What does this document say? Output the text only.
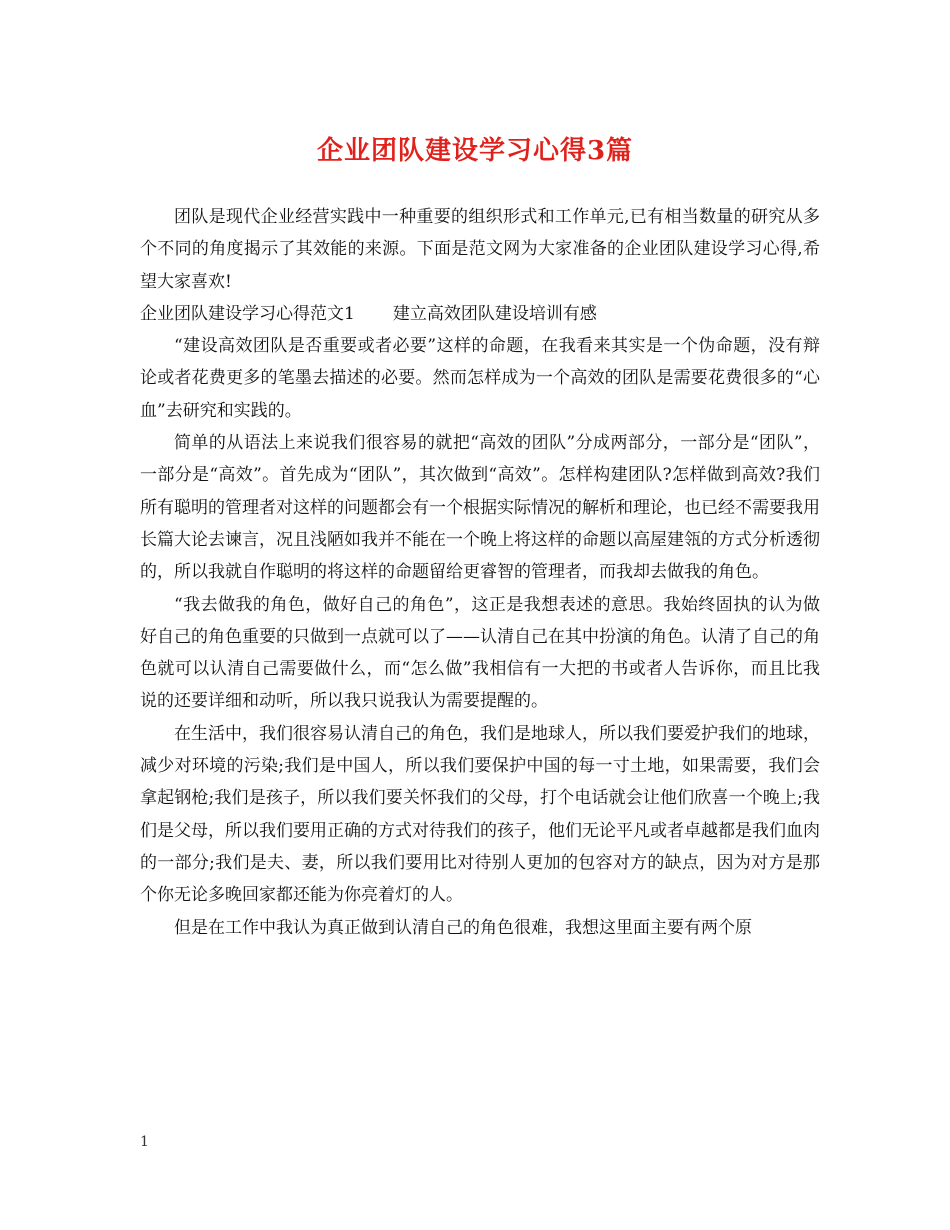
企业团队建设学习心得3篇

团队是现代企业经营实践中一种重要的组织形式和工作单元,已有相当数量的研究从多个不同的角度揭示了其效能的来源。下面是范文网为大家准备的企业团队建设学习心得,希望大家喜欢!

企业团队建设学习心得范文1 建立高效团队建设培训有感

“建设高效团队是否重要或者必要”这样的命题，在我看来其实是一个伪命题，没有辩论或者花费更多的笔墨去描述的必要。然而怎样成为一个高效的团队是需要花费很多的“心血”去研究和实践的。

简单的从语法上来说我们很容易的就把“高效的团队”分成两部分，一部分是“团队”，一部分是“高效”。首先成为“团队”，其次做到“高效”。怎样构建团队?怎样做到高效?我们所有聪明的管理者对这样的问题都会有一个根据实际情况的解析和理论，也已经不需要我用长篇大论去谏言，况且浅陋如我并不能在一个晚上将这样的命题以高屋建瓴的方式分析透彻的，所以我就自作聪明的将这样的命题留给更睿智的管理者，而我却去做我的角色。

“我去做我的角色，做好自己的角色”，这正是我想表述的意思。我始终固执的认为做好自己的角色重要的只做到一点就可以了——认清自己在其中扮演的角色。认清了自己的角色就可以认清自己需要做什么，而“怎么做”我相信有一大把的书或者人告诉你，而且比我说的还要详细和动听，所以我只说我认为需要提醒的。

在生活中，我们很容易认清自己的角色，我们是地球人，所以我们要爱护我们的地球，减少对环境的污染;我们是中国人，所以我们要保护中国的每一寸土地，如果需要，我们会拿起钢枪;我们是孩子，所以我们要关怀我们的父母，打个电话就会让他们欣喜一个晚上;我们是父母，所以我们要用正确的方式对待我们的孩子，他们无论平凡或者卓越都是我们血肉的一部分;我们是夫、妻，所以我们要用比对待别人更加的包容对方的缺点，因为对方是那个你无论多晚回家都还能为你亮着灯的人。

但是在工作中我认为真正做到认清自己的角色很难，我想这里面主要有两个原

1
